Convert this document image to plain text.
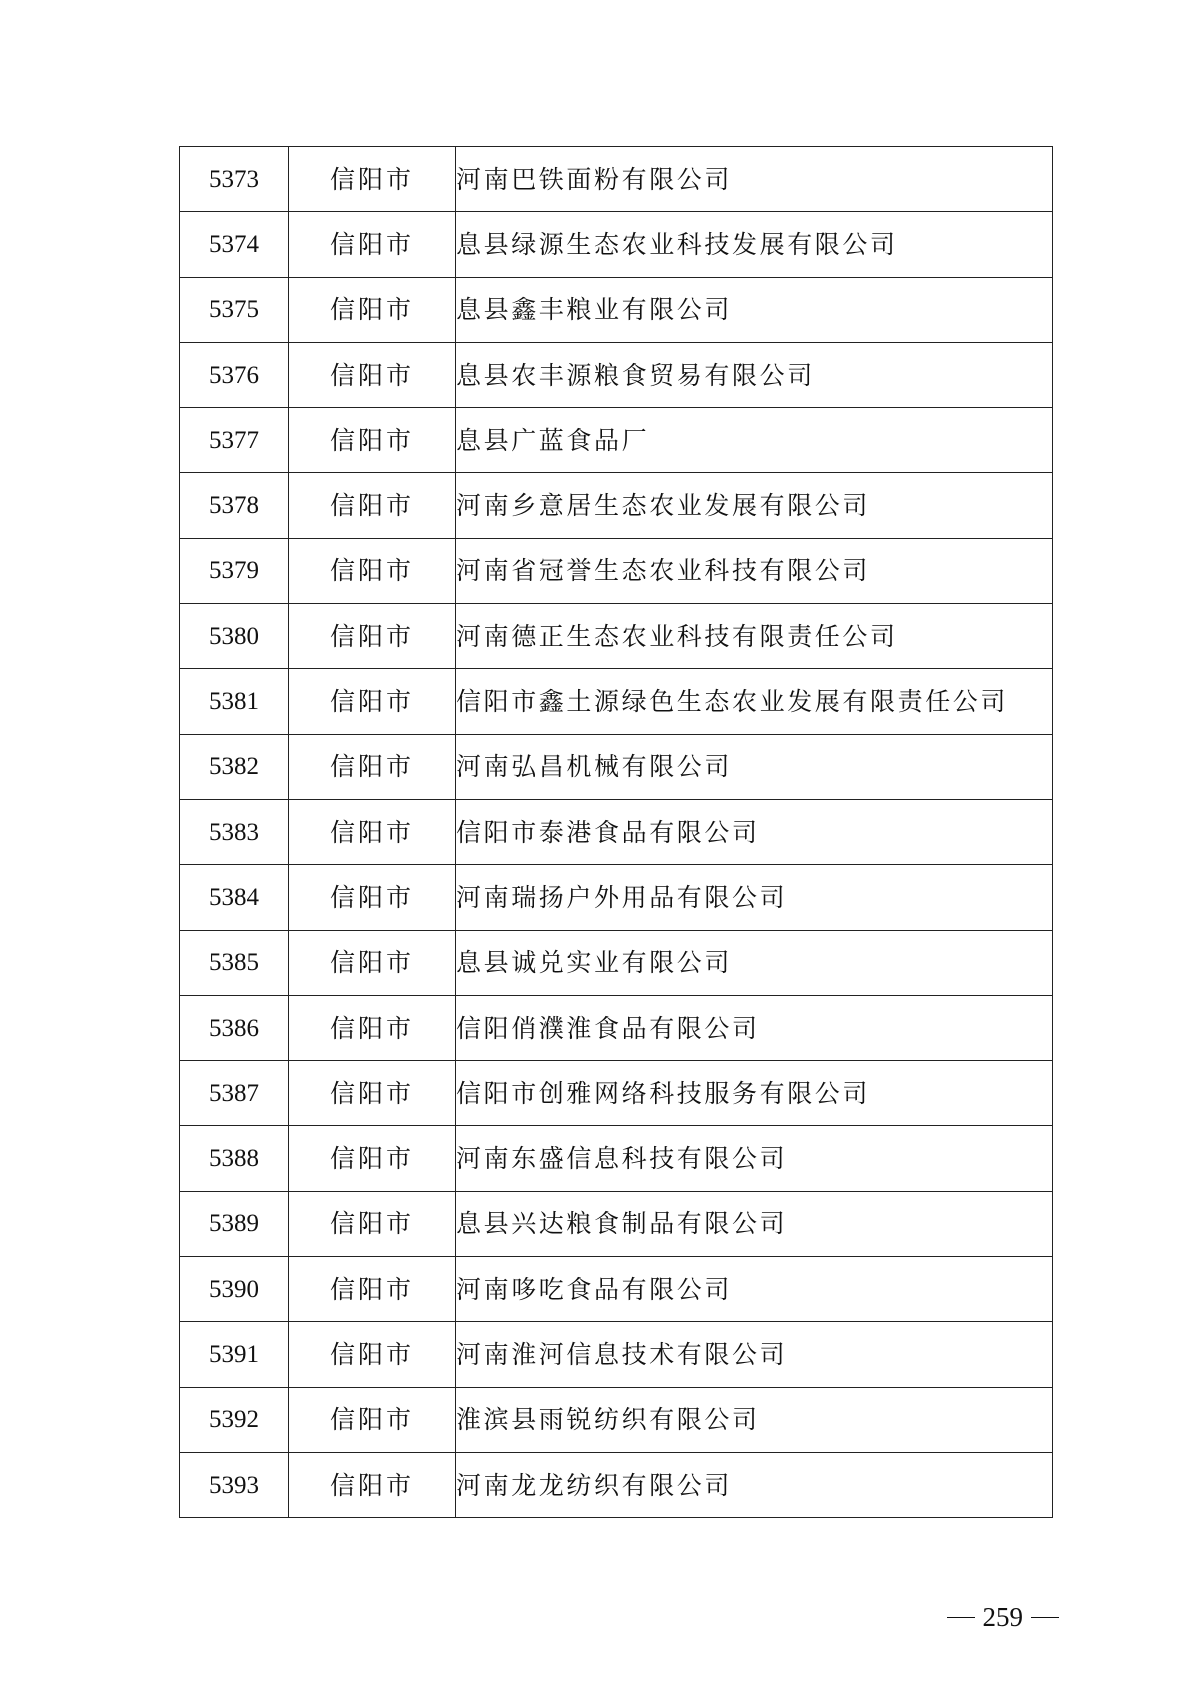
5373	信阳市	河南巴铁面粉有限公司
5374	信阳市	息县绿源生态农业科技发展有限公司
5375	信阳市	息县鑫丰粮业有限公司
5376	信阳市	息县农丰源粮食贸易有限公司
5377	信阳市	息县广蓝食品厂
5378	信阳市	河南乡意居生态农业发展有限公司
5379	信阳市	河南省冠誉生态农业科技有限公司
5380	信阳市	河南德正生态农业科技有限责任公司
5381	信阳市	信阳市鑫土源绿色生态农业发展有限责任公司
5382	信阳市	河南弘昌机械有限公司
5383	信阳市	信阳市泰港食品有限公司
5384	信阳市	河南瑞扬户外用品有限公司
5385	信阳市	息县诚兑实业有限公司
5386	信阳市	信阳俏濮淮食品有限公司
5387	信阳市	信阳市创雅网络科技服务有限公司
5388	信阳市	河南东盛信息科技有限公司
5389	信阳市	息县兴达粮食制品有限公司
5390	信阳市	河南哆吃食品有限公司
5391	信阳市	河南淮河信息技术有限公司
5392	信阳市	淮滨县雨锐纺织有限公司
5393	信阳市	河南龙龙纺织有限公司
259
